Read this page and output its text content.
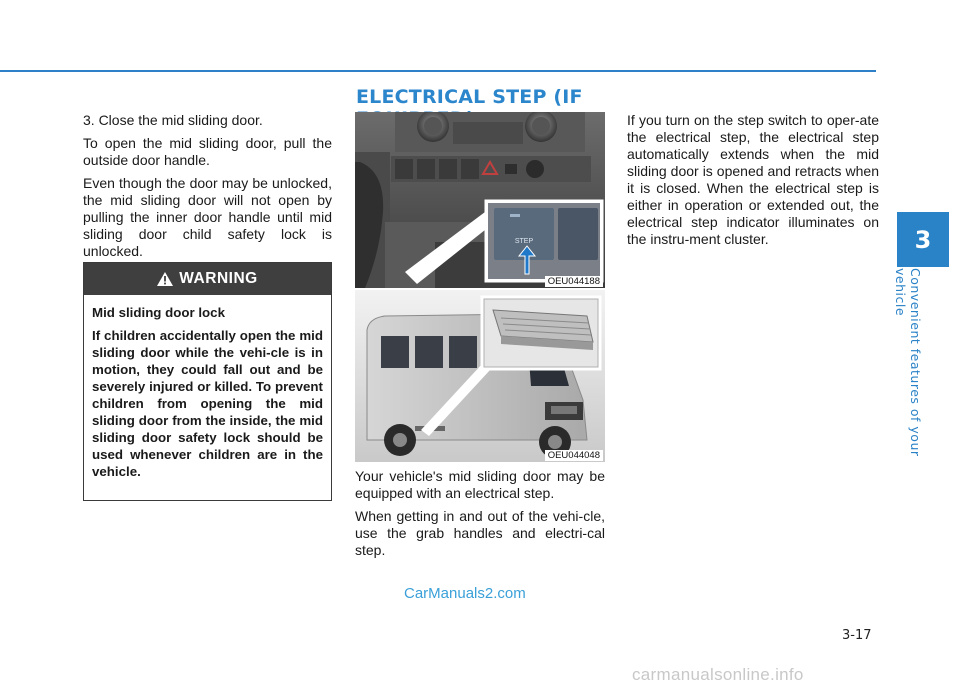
ELECTRICAL STEP (IF
3
Convenient features of your vehicle

3. Close the mid sliding door.

To open the mid sliding door, pull the outside door handle.

Even though the door may be unlocked, the mid sliding door will not open by pulling the inner door handle until mid sliding door child safety lock is unlocked.

WARNING

Mid sliding door lock

If children accidentally open the mid sliding door while the vehi-cle is in motion, they could fall out and be severely injured or killed. To prevent children from opening the mid sliding door from the inside, the mid sliding door safety lock should be used whenever children are in the vehicle.

STEP
OEU044188
OEU044048

Your vehicle's mid sliding door may be equipped with an electrical step.

When getting in and out of the vehi-cle, use the grab handles and electri-cal step.

If you turn on the step switch to oper-ate the electrical step, the electrical step automatically extends when the mid sliding door is opened and retracts when it is closed. When the electrical step is either in operation or extended out, the electrical step indicator illuminates on the instru-ment cluster.

CarManuals2.com
3-17
carmanualsonline.info
